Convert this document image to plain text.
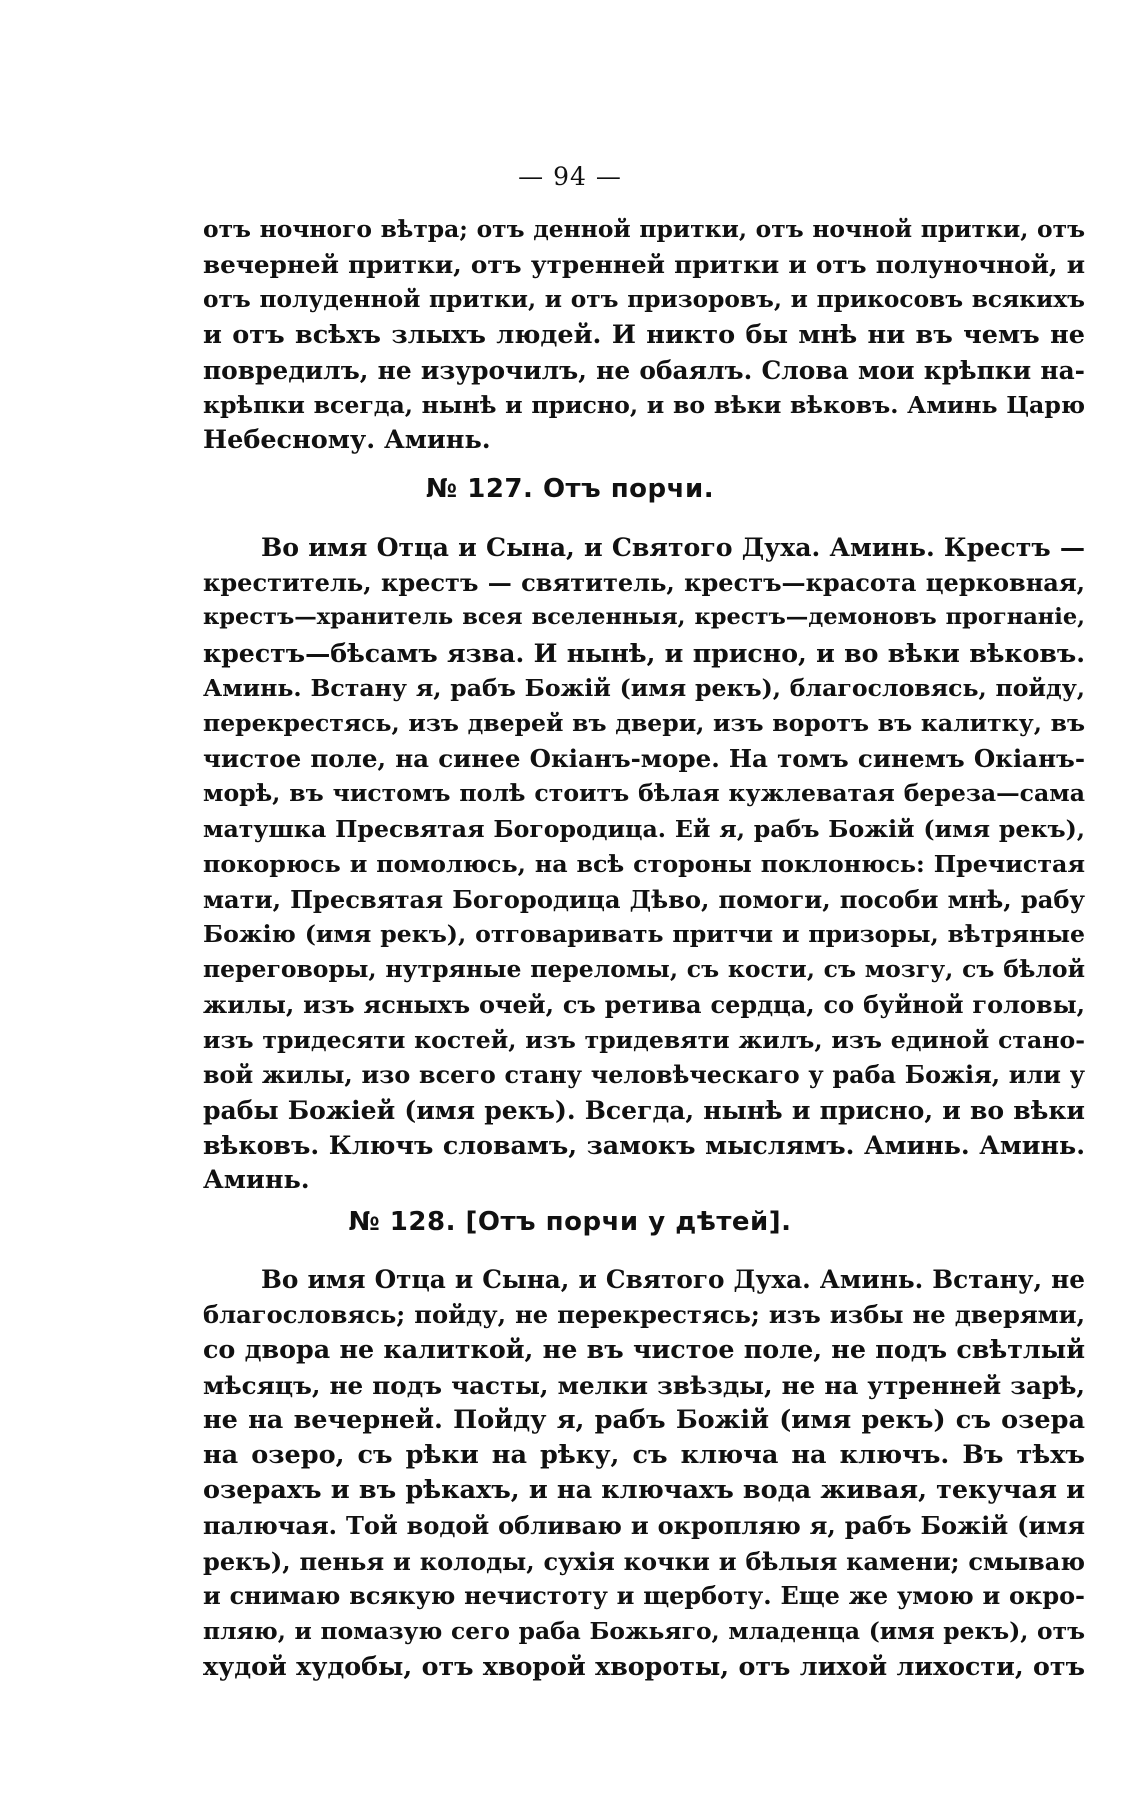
— 94 —
отъ ночного вѣтра; отъ денной притки, отъ ночной притки, отъ
вечерней притки, отъ утренней притки и отъ полуночной, и
отъ полуденной притки, и отъ призоровъ, и прикосовъ всякихъ
и отъ всѣхъ злыхъ людей. И никто бы мнѣ ни въ чемъ не
повредилъ, не изурочилъ, не обаялъ. Слова мои крѣпки на-
крѣпки всегда, нынѣ и присно, и во вѣки вѣковъ. Аминь Царю
Небесному. Аминь.
№ 127. Отъ порчи.
Во имя Отца и Сына, и Святого Духа. Аминь. Крестъ —
креститель, крестъ — святитель, крестъ—красота церковная,
крестъ—хранитель всея вселенныя, крестъ—демоновъ прогнаніе,
крестъ—бѣсамъ язва. И нынѣ, и присно, и во вѣки вѣковъ.
Аминь. Встану я, рабъ Божій (имя рекъ), благословясь, пойду,
перекрестясь, изъ дверей въ двери, изъ воротъ въ калитку, въ
чистое поле, на синее Окіанъ-море. На томъ синемъ Окіанъ-
морѣ, въ чистомъ полѣ стоитъ бѣлая кужлеватая береза—сама
матушка Пресвятая Богородица. Ей я, рабъ Божій (имя рекъ),
покорюсь и помолюсь, на всѣ стороны поклонюсь: Пречистая
мати, Пресвятая Богородица Дѣво, помоги, пособи мнѣ, рабу
Божію (имя рекъ), отговаривать притчи и призоры, вѣтряные
переговоры, нутряные переломы, съ кости, съ мозгу, съ бѣлой
жилы, изъ ясныхъ очей, съ ретива сердца, со буйной головы,
изъ тридесяти костей, изъ тридевяти жилъ, изъ единой стано-
вой жилы, изо всего стану человѣческаго у раба Божія, или у
рабы Божіей (имя рекъ). Всегда, нынѣ и присно, и во вѣки
вѣковъ. Ключъ словамъ, замокъ мыслямъ. Аминь. Аминь.
Аминь.
№ 128. [Отъ порчи у дѣтей].
Во имя Отца и Сына, и Святого Духа. Аминь. Встану, не
благословясь; пойду, не перекрестясь; изъ избы не дверями,
со двора не калиткой, не въ чистое поле, не подъ свѣтлый
мѣсяцъ, не подъ часты, мелки звѣзды, не на утренней зарѣ,
не на вечерней. Пойду я, рабъ Божій (имя рекъ) съ озера
на озеро, съ рѣки на рѣку, съ ключа на ключъ. Въ тѣхъ
озерахъ и въ рѣкахъ, и на ключахъ вода живая, текучая и
палючая. Той водой обливаю и окропляю я, рабъ Божій (имя
рекъ), пенья и колоды, сухія кочки и бѣлыя камени; смываю
и снимаю всякую нечистоту и щерботу. Еще же умою и окро-
пляю, и помазую сего раба Божьяго, младенца (имя рекъ), отъ
худой худобы, отъ хворой хвороты, отъ лихой лихости, отъ
